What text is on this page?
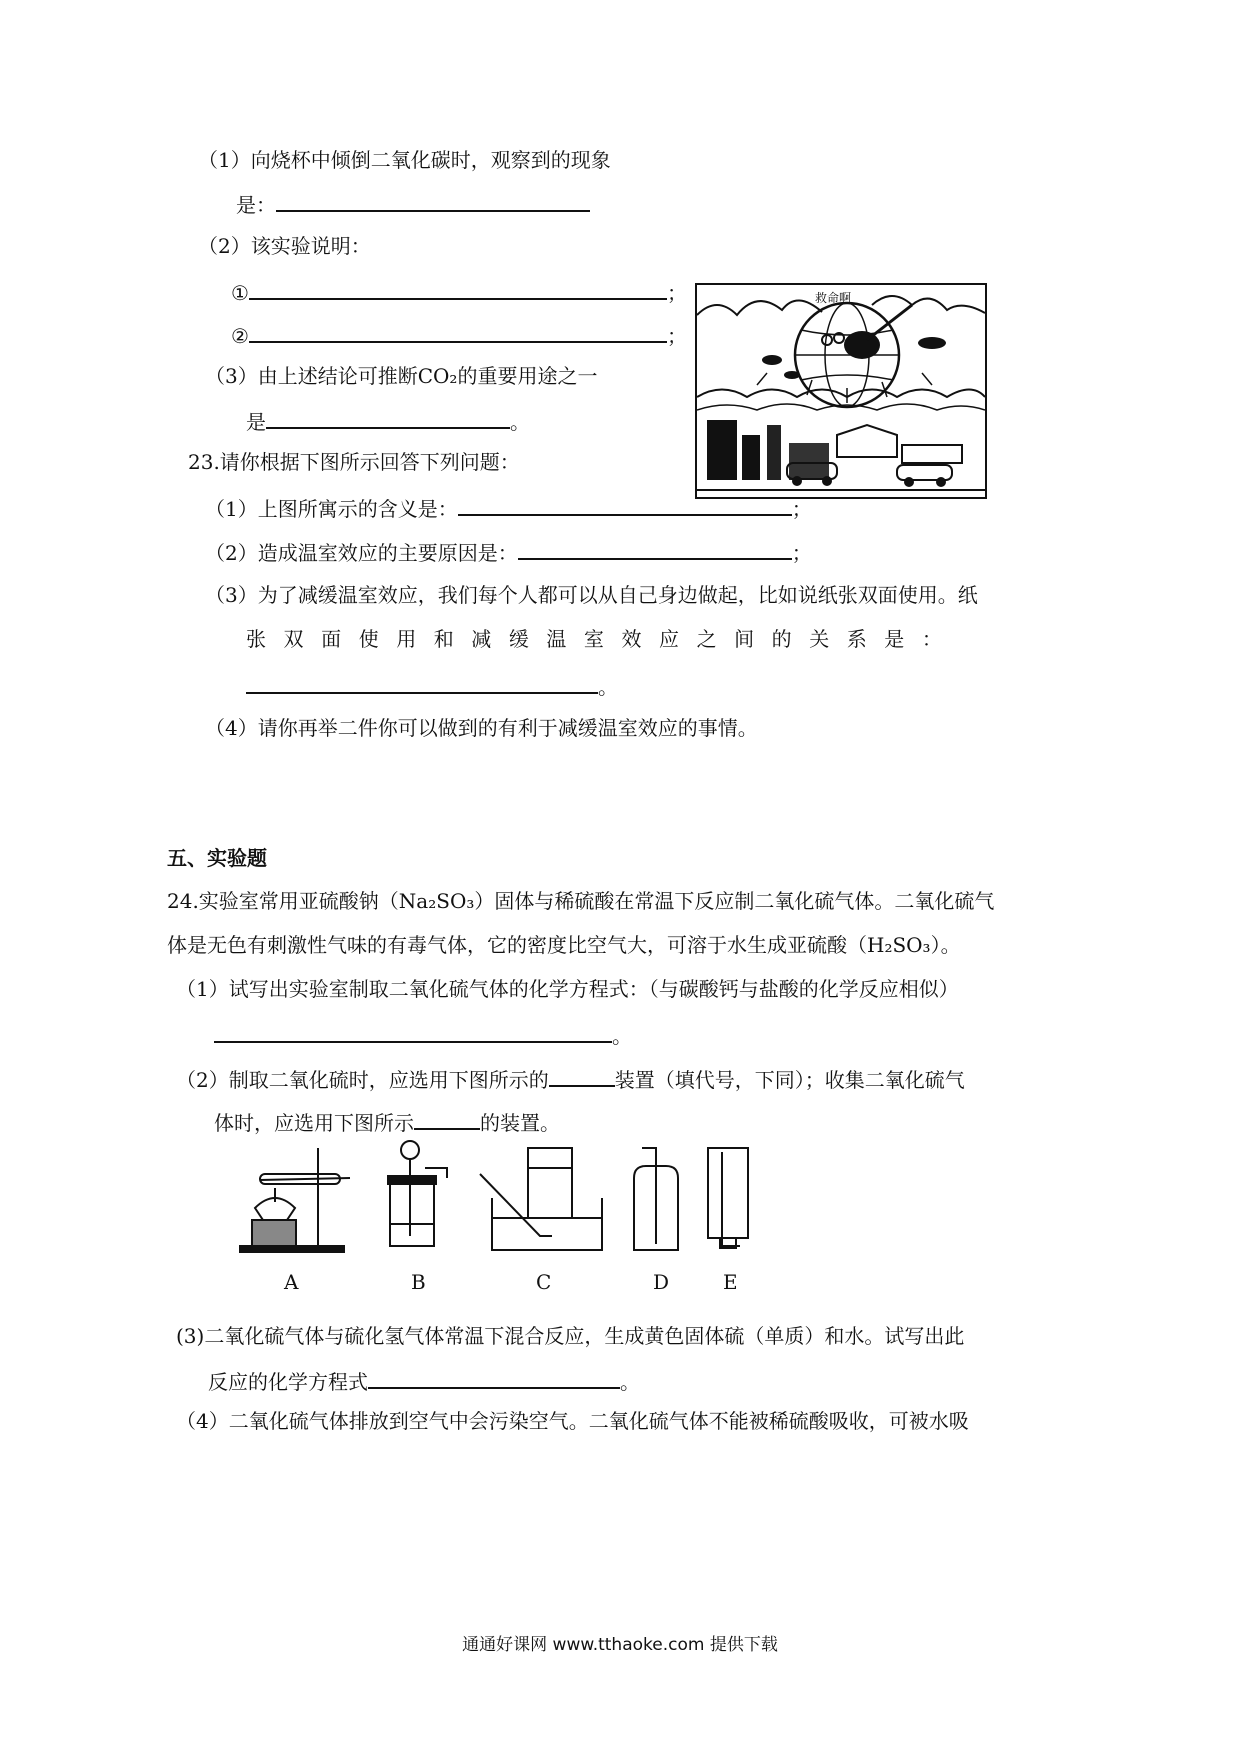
（1）向烧杯中倾倒二氧化碳时，观察到的现象
是：
（2）该实验说明：
①	；
②	；
（3）由上述结论可推断CO₂的重要用途之一
是	。
救命啊
23.请你根据下图所示回答下列问题：
（1）上图所寓示的含义是：	；
（2）造成温室效应的主要原因是：	；
（3）为了减缓温室效应，我们每个人都可以从自己身边做起，比如说纸张双面使用。纸
张 双 面 使 用 和 减 缓 温 室 效 应 之 间 的 关 系 是 ：
。
（4）请你再举二件你可以做到的有利于减缓温室效应的事情。
五、实验题
24.实验室常用亚硫酸钠（Na₂SO₃）固体与稀硫酸在常温下反应制二氧化硫气体。二氧化硫气
体是无色有刺激性气味的有毒气体，它的密度比空气大，可溶于水生成亚硫酸（H₂SO₃）。
（1）试写出实验室制取二氧化硫气体的化学方程式：（与碳酸钙与盐酸的化学反应相似）
。
（2）制取二氧化硫时，应选用下图所示的	装置（填代号，下同）；收集二氧化硫气
体时，应选用下图所示	的装置。
A	B	C	D	E
(3)二氧化硫气体与硫化氢气体常温下混合反应，生成黄色固体硫（单质）和水。试写出此
反应的化学方程式	。
（4）二氧化硫气体排放到空气中会污染空气。二氧化硫气体不能被稀硫酸吸收，可被水吸
通通好课网 www.tthaoke.com 提供下载
